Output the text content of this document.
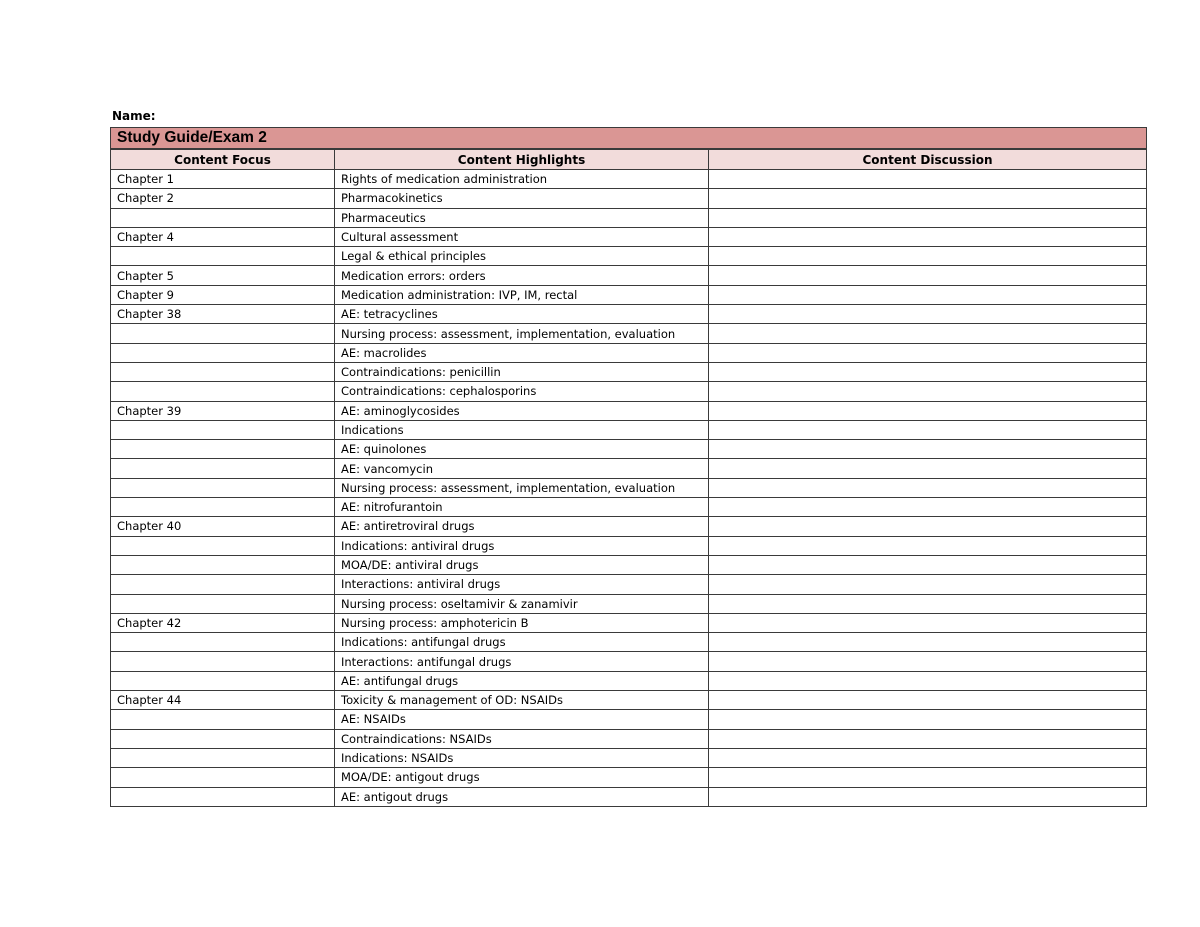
Name:
Study Guide/Exam 2		
Content Focus	Content Highlights	Content Discussion
Chapter 1	Rights of medication administration	
Chapter 2	Pharmacokinetics	
	Pharmaceutics	
Chapter 4	Cultural assessment	
	Legal & ethical principles	
Chapter 5	Medication errors: orders	
Chapter 9	Medication administration: IVP, IM, rectal	
Chapter 38	AE: tetracyclines	
	Nursing process: assessment, implementation, evaluation	
	AE: macrolides	
	Contraindications: penicillin	
	Contraindications: cephalosporins	
Chapter 39	AE: aminoglycosides	
	Indications	
	AE: quinolones	
	AE: vancomycin	
	Nursing process: assessment, implementation, evaluation	
	AE: nitrofurantoin	
Chapter 40	AE: antiretroviral drugs	
	Indications: antiviral drugs	
	MOA/DE: antiviral drugs	
	Interactions: antiviral drugs	
	Nursing process: oseltamivir & zanamivir	
Chapter 42	Nursing process: amphotericin B	
	Indications: antifungal drugs	
	Interactions: antifungal drugs	
	AE: antifungal drugs	
Chapter 44	Toxicity & management of OD: NSAIDs	
	AE: NSAIDs	
	Contraindications: NSAIDs	
	Indications: NSAIDs	
	MOA/DE: antigout drugs	
	AE: antigout drugs	
